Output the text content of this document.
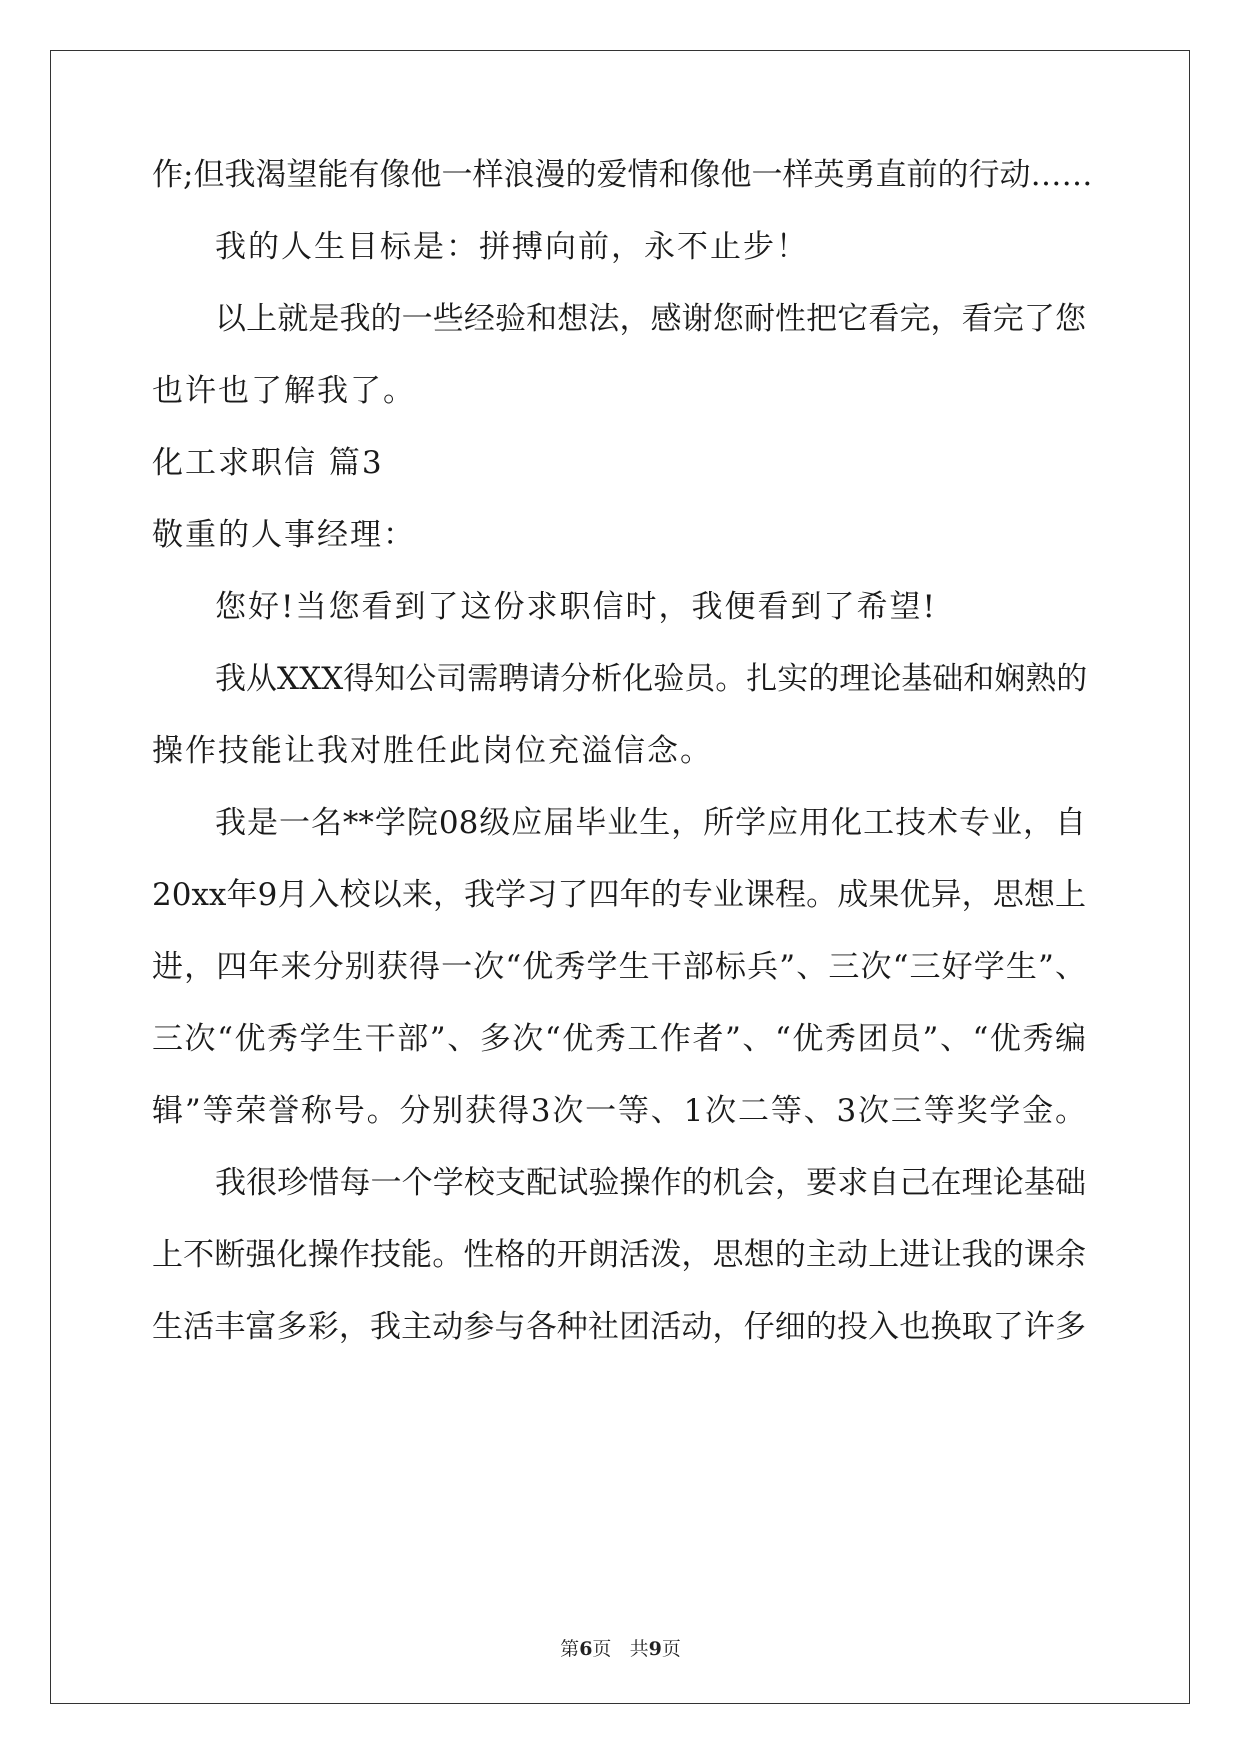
作;但我渴望能有像他一样浪漫的爱情和像他一样英勇直前的行动……
我的人生目标是：拼搏向前，永不止步！
以上就是我的一些经验和想法，感谢您耐性把它看完，看完了您
也许也了解我了。
化工求职信 篇3
敬重的人事经理：
您好!当您看到了这份求职信时，我便看到了希望!
我从XXX得知公司需聘请分析化验员。扎实的理论基础和娴熟的
操作技能让我对胜任此岗位充溢信念。
我是一名**学院08级应届毕业生，所学应用化工技术专业，自
20xx年9月入校以来，我学习了四年的专业课程。成果优异，思想上
进，四年来分别获得一次“优秀学生干部标兵”、三次“三好学生”、
三次“优秀学生干部”、多次“优秀工作者”、“优秀团员”、“优秀编
辑”等荣誉称号。分别获得3次一等、1次二等、3次三等奖学金。
我很珍惜每一个学校支配试验操作的机会，要求自己在理论基础
上不断强化操作技能。性格的开朗活泼，思想的主动上进让我的课余
生活丰富多彩，我主动参与各种社团活动，仔细的投入也换取了许多
第6页 共9页
